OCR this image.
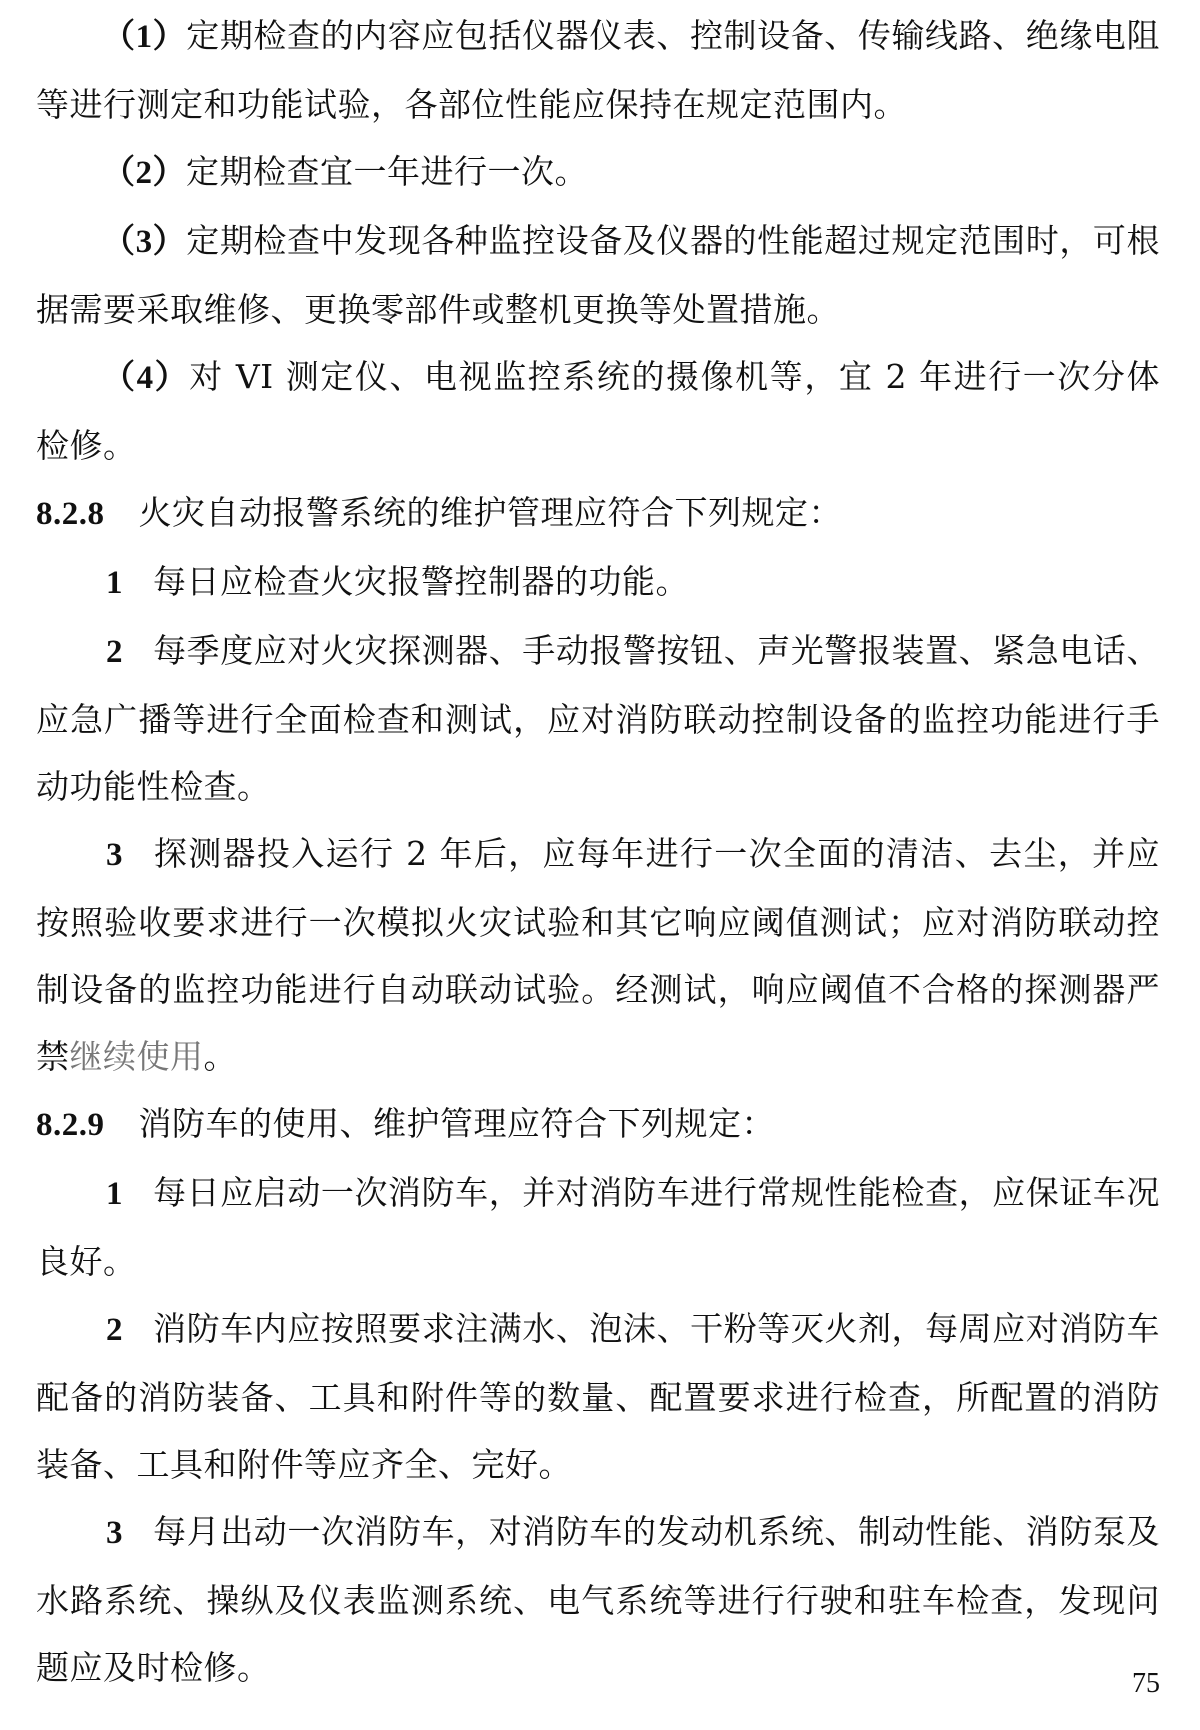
（1）定期检查的内容应包括仪器仪表、控制设备、传输线路、绝缘电阻等进行测定和功能试验，各部位性能应保持在规定范围内。

（2）定期检查宜一年进行一次。

（3）定期检查中发现各种监控设备及仪器的性能超过规定范围时，可根据需要采取维修、更换零部件或整机更换等处置措施。

（4）对 VI 测定仪、电视监控系统的摄像机等，宜 2 年进行一次分体检修。

8.2.8 火灾自动报警系统的维护管理应符合下列规定：

1 每日应检查火灾报警控制器的功能。

2 每季度应对火灾探测器、手动报警按钮、声光警报装置、紧急电话、应急广播等进行全面检查和测试，应对消防联动控制设备的监控功能进行手动功能性检查。

3 探测器投入运行 2 年后，应每年进行一次全面的清洁、去尘，并应按照验收要求进行一次模拟火灾试验和其它响应阈值测试；应对消防联动控制设备的监控功能进行自动联动试验。经测试，响应阈值不合格的探测器严禁继续使用。

8.2.9 消防车的使用、维护管理应符合下列规定：

1 每日应启动一次消防车，并对消防车进行常规性能检查，应保证车况良好。

2 消防车内应按照要求注满水、泡沫、干粉等灭火剂，每周应对消防车配备的消防装备、工具和附件等的数量、配置要求进行检查，所配置的消防装备、工具和附件等应齐全、完好。

3 每月出动一次消防车，对消防车的发动机系统、制动性能、消防泵及水路系统、操纵及仪表监测系统、电气系统等进行行驶和驻车检查，发现问题应及时检修。	75
